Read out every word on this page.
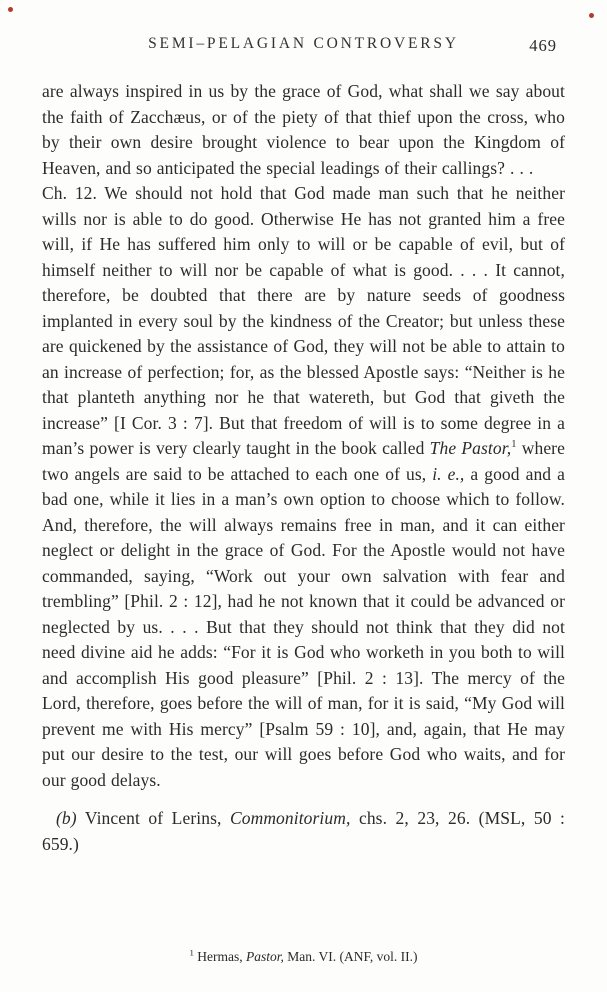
SEMI–PELAGIAN CONTROVERSY	469

are always inspired in us by the grace of God, what shall we say about the faith of Zacchæus, or of the piety of that thief upon the cross, who by their own desire brought violence to bear upon the Kingdom of Heaven, and so anticipated the special leadings of their callings? . . .

Ch. 12. We should not hold that God made man such that he neither wills nor is able to do good. Otherwise He has not granted him a free will, if He has suffered him only to will or be capable of evil, but of himself neither to will nor be capable of what is good. . . . It cannot, therefore, be doubted that there are by nature seeds of goodness implanted in every soul by the kindness of the Creator; but unless these are quickened by the assistance of God, they will not be able to attain to an increase of perfection; for, as the blessed Apostle says: “Neither is he that planteth anything nor he that watereth, but God that giveth the increase” [I Cor. 3 : 7]. But that freedom of will is to some degree in a man’s power is very clearly taught in the book called The Pastor,$^1$ where two angels are said to be attached to each one of us, i. e., a good and a bad one, while it lies in a man’s own option to choose which to follow. And, therefore, the will always remains free in man, and it can either neglect or delight in the grace of God. For the Apostle would not have commanded, saying, “Work out your own salvation with fear and trembling” [Phil. 2 : 12], had he not known that it could be advanced or neglected by us. . . . But that they should not think that they did not need divine aid he adds: “For it is God who worketh in you both to will and accomplish His good pleasure” [Phil. 2 : 13]. The mercy of the Lord, therefore, goes before the will of man, for it is said, “My God will prevent me with His mercy” [Psalm 59 : 10], and, again, that He may put our desire to the test, our will goes before God who waits, and for our good delays.

(b) Vincent of Lerins, Commonitorium, chs. 2, 23, 26. (MSL, 50 : 659.)

$^1$ Hermas, Pastor, Man. VI. (ANF, vol. II.)
